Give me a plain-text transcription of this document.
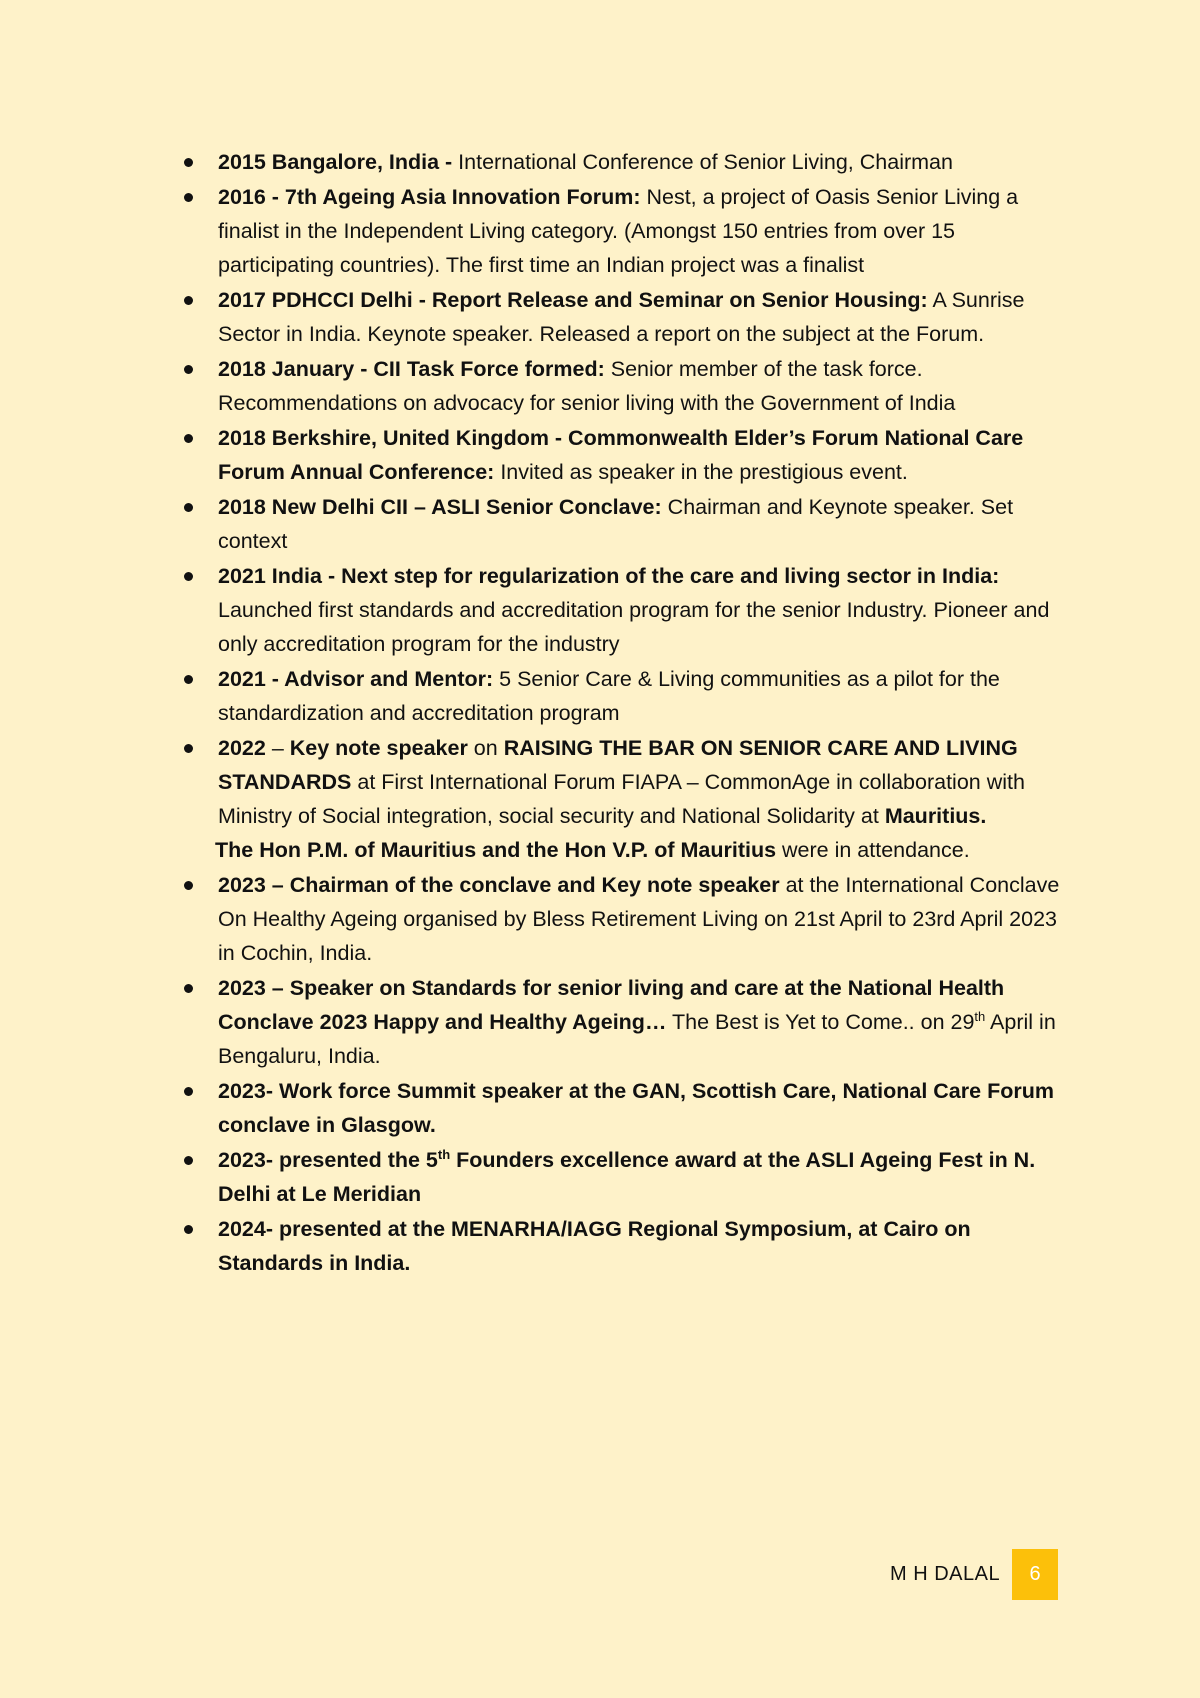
2015 Bangalore, India - International Conference of Senior Living, Chairman
2016 - 7th Ageing Asia Innovation Forum: Nest, a project of Oasis Senior Living a finalist in the Independent Living category. (Amongst 150 entries from over 15 participating countries). The first time an Indian project was a finalist
2017 PDHCCI Delhi - Report Release and Seminar on Senior Housing: A Sunrise Sector in India. Keynote speaker. Released a report on the subject at the Forum.
2018 January - CII Task Force formed: Senior member of the task force. Recommendations on advocacy for senior living with the Government of India
2018 Berkshire, United Kingdom - Commonwealth Elder’s Forum National Care Forum Annual Conference: Invited as speaker in the prestigious event.
2018 New Delhi CII – ASLI Senior Conclave: Chairman and Keynote speaker. Set context
2021 India - Next step for regularization of the care and living sector in India: Launched first standards and accreditation program for the senior Industry. Pioneer and only accreditation program for the industry
2021 - Advisor and Mentor: 5 Senior Care & Living communities as a pilot for the standardization and accreditation program
2022 – Key note speaker on RAISING THE BAR ON SENIOR CARE AND LIVING STANDARDS at First International Forum FIAPA – CommonAge in collaboration with Ministry of Social integration, social security and National Solidarity at Mauritius.
The Hon P.M. of Mauritius and the Hon V.P. of Mauritius were in attendance.
2023 – Chairman of the conclave and Key note speaker at the International Conclave On Healthy Ageing organised by Bless Retirement Living on 21st April to 23rd April 2023 in Cochin, India.
2023 – Speaker on Standards for senior living and care at the National Health Conclave 2023 Happy and Healthy Ageing… The Best is Yet to Come.. on 29th April in Bengaluru, India.
2023- Work force Summit speaker at the GAN, Scottish Care, National Care Forum conclave in Glasgow.
2023- presented the 5th Founders excellence award at the ASLI Ageing Fest in N. Delhi at Le Meridian
2024- presented at the MENARHA/IAGG Regional Symposium, at Cairo on Standards in India.
M H DALAL	6
